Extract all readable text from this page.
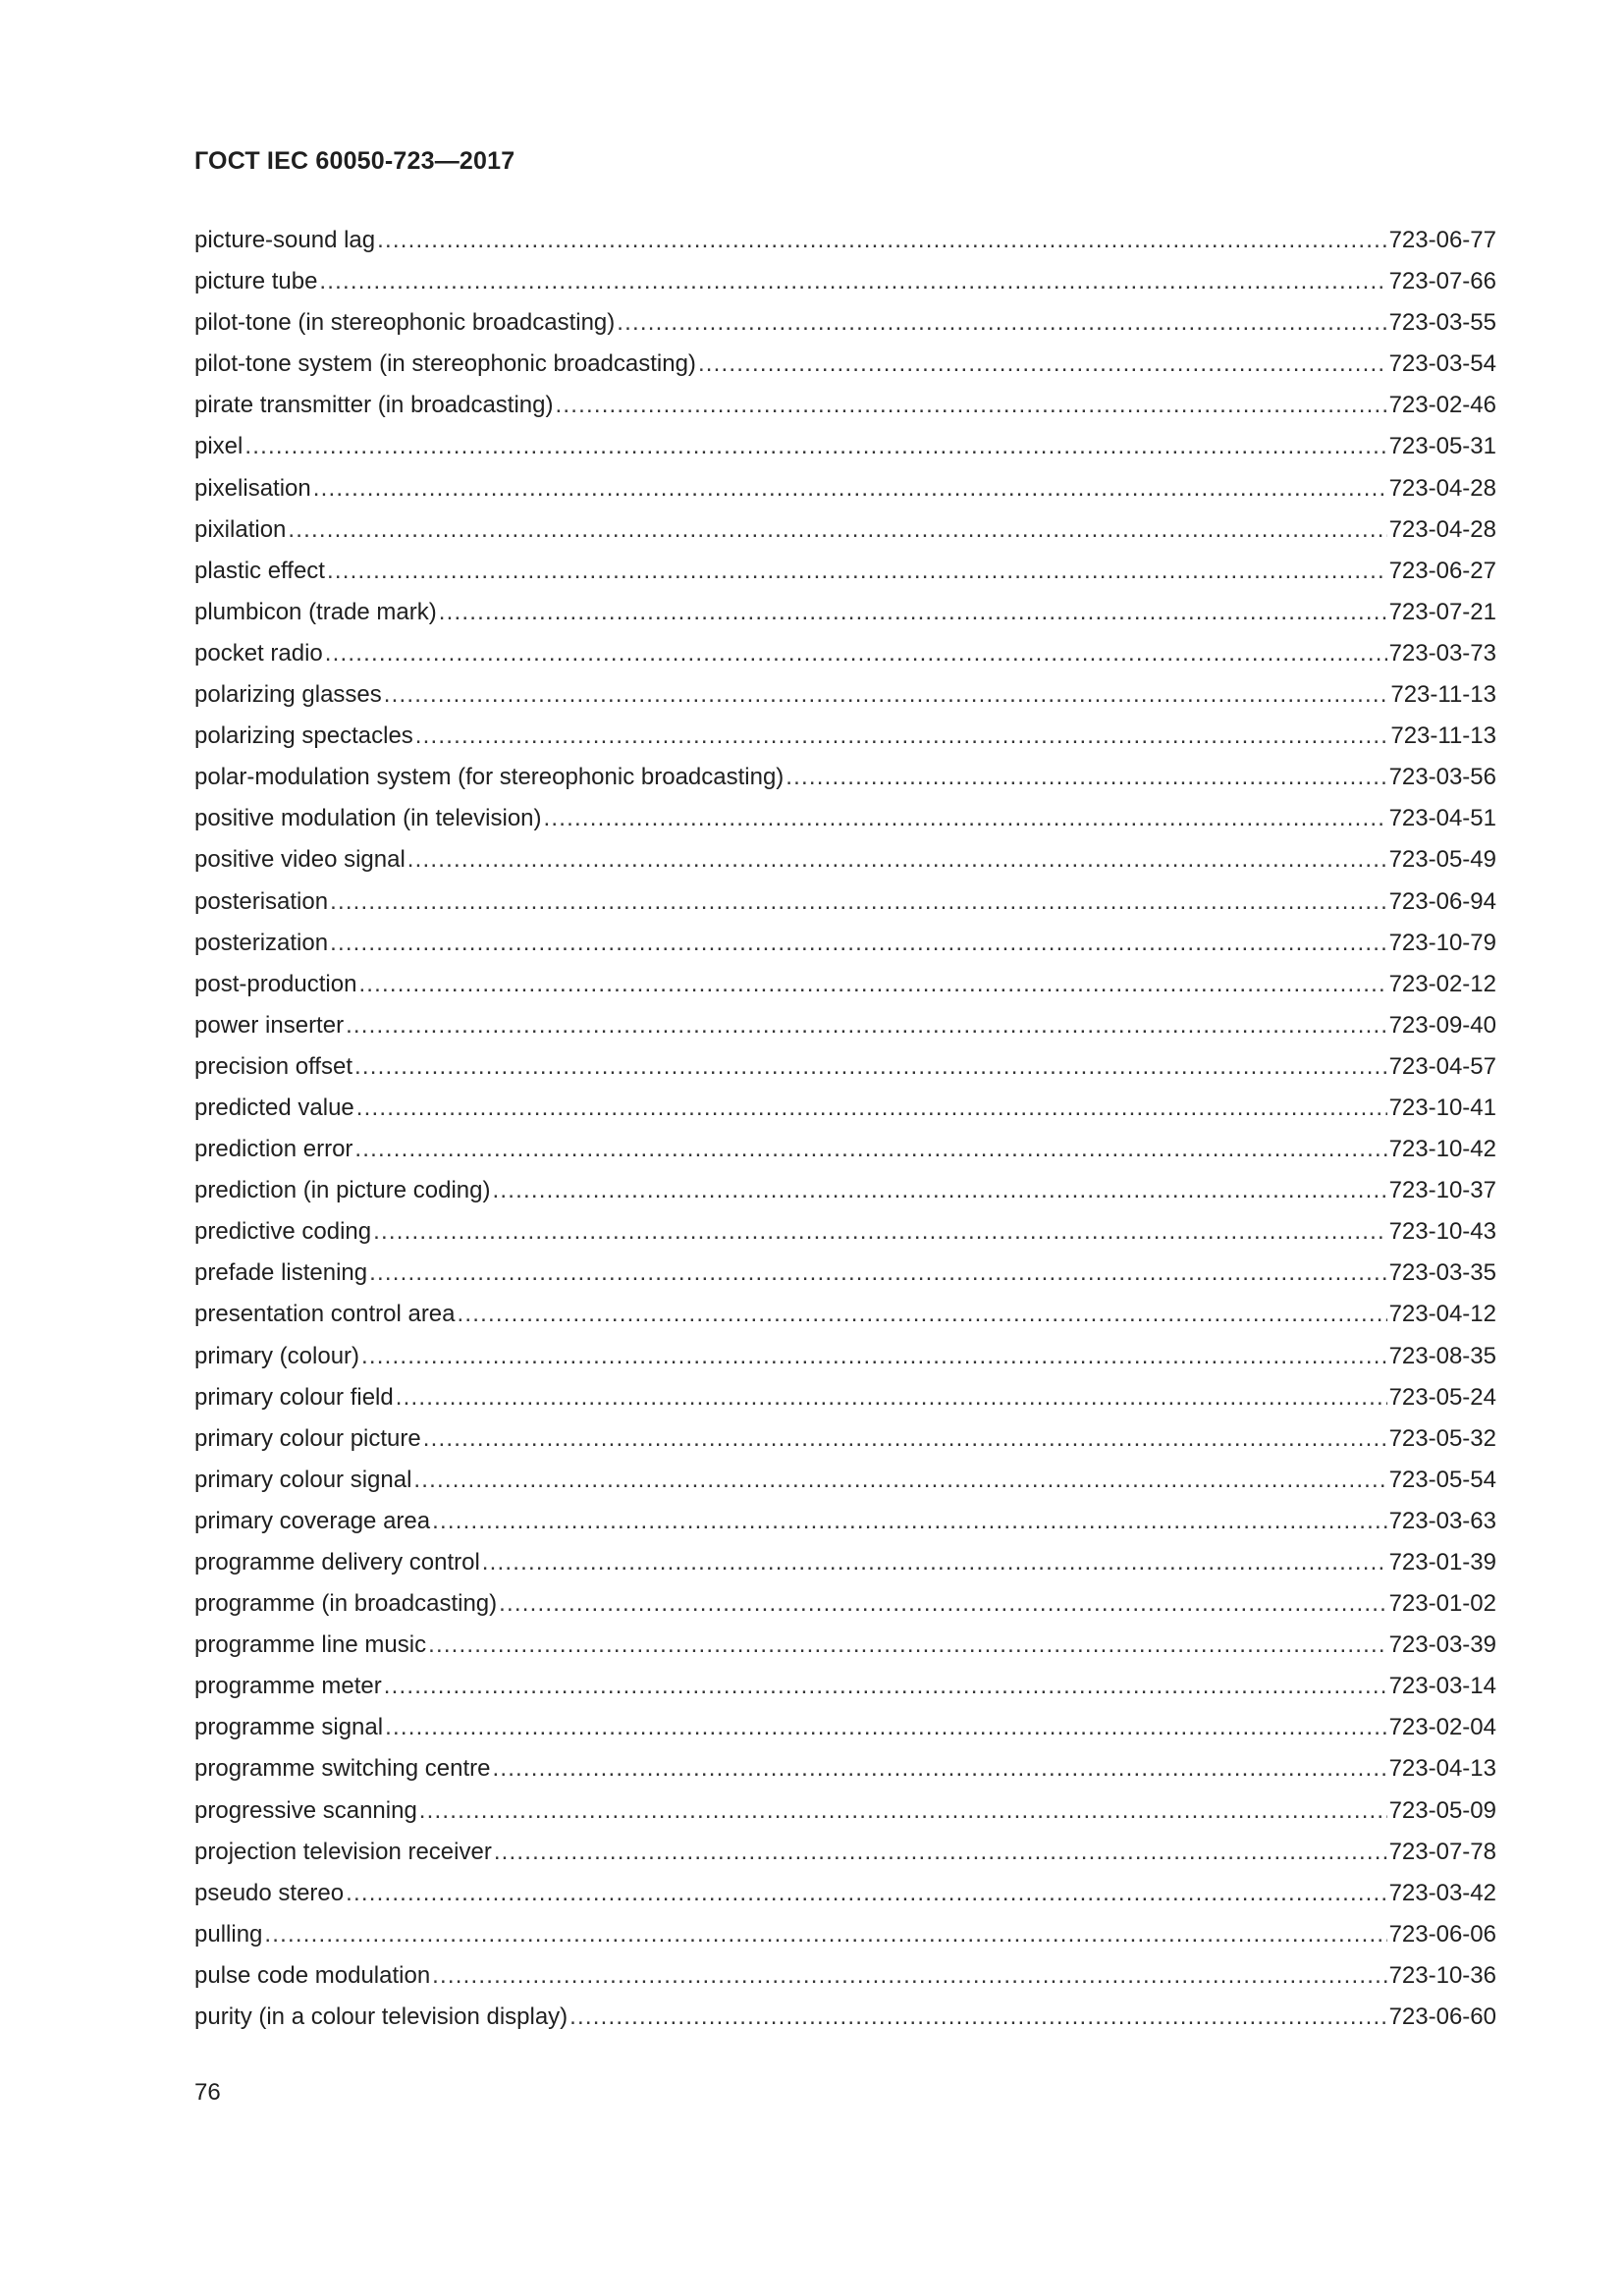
ГОСТ IEC 60050-723—2017
picture-sound lag .....	723-06-77
picture tube .....	723-07-66
pilot-tone (in stereophonic broadcasting) .....	723-03-55
pilot-tone system (in stereophonic broadcasting) .....	723-03-54
pirate transmitter (in broadcasting) .....	723-02-46
pixel .....	723-05-31
pixelisation .....	723-04-28
pixilation .....	723-04-28
plastic effect .....	723-06-27
plumbicon (trade mark) .....	723-07-21
pocket radio .....	723-03-73
polarizing glasses .....	723-11-13
polarizing spectacles .....	723-11-13
polar-modulation system (for stereophonic broadcasting) .....	723-03-56
positive modulation (in television) .....	723-04-51
positive video signal .....	723-05-49
posterisation .....	723-06-94
posterization .....	723-10-79
post-production .....	723-02-12
power inserter .....	723-09-40
precision offset .....	723-04-57
predicted value .....	723-10-41
prediction error .....	723-10-42
prediction (in picture coding) .....	723-10-37
predictive coding .....	723-10-43
prefade listening .....	723-03-35
presentation control area .....	723-04-12
primary (colour) .....	723-08-35
primary colour field .....	723-05-24
primary colour picture .....	723-05-32
primary colour signal .....	723-05-54
primary coverage area .....	723-03-63
programme delivery control .....	723-01-39
programme (in broadcasting) .....	723-01-02
programme line music .....	723-03-39
programme meter .....	723-03-14
programme signal .....	723-02-04
programme switching centre .....	723-04-13
progressive scanning .....	723-05-09
projection television receiver .....	723-07-78
pseudo stereo .....	723-03-42
pulling .....	723-06-06
pulse code modulation .....	723-10-36
purity (in a colour television display) .....	723-06-60
76
